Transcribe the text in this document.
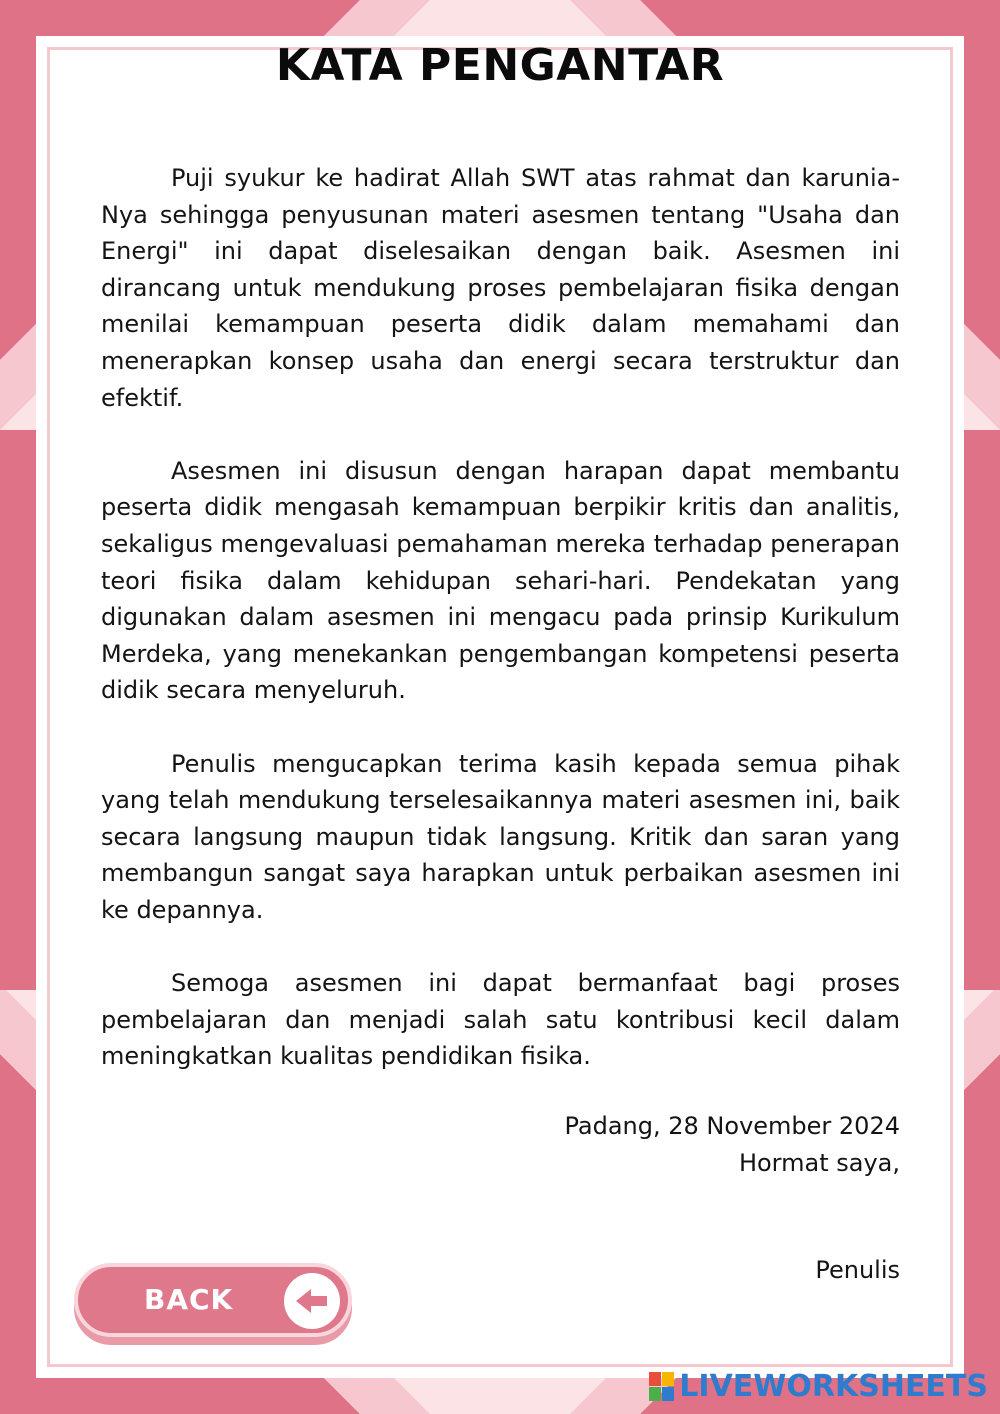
KATA PENGANTAR

Puji syukur ke hadirat Allah SWT atas rahmat dan karunia-Nya sehingga penyusunan materi asesmen tentang "Usaha dan Energi" ini dapat diselesaikan dengan baik. Asesmen ini dirancang untuk mendukung proses pembelajaran fisika dengan menilai kemampuan peserta didik dalam memahami dan menerapkan konsep usaha dan energi secara terstruktur dan efektif.

Asesmen ini disusun dengan harapan dapat membantu peserta didik mengasah kemampuan berpikir kritis dan analitis, sekaligus mengevaluasi pemahaman mereka terhadap penerapan teori fisika dalam kehidupan sehari-hari. Pendekatan yang digunakan dalam asesmen ini mengacu pada prinsip Kurikulum Merdeka, yang menekankan pengembangan kompetensi peserta didik secara menyeluruh.

Penulis mengucapkan terima kasih kepada semua pihak yang telah mendukung terselesaikannya materi asesmen ini, baik secara langsung maupun tidak langsung. Kritik dan saran yang membangun sangat saya harapkan untuk perbaikan asesmen ini ke depannya.

Semoga asesmen ini dapat bermanfaat bagi proses pembelajaran dan menjadi salah satu kontribusi kecil dalam meningkatkan kualitas pendidikan fisika.

Padang, 28 November 2024
Hormat saya,
Penulis
BACK
LIVEWORKSHEETS
